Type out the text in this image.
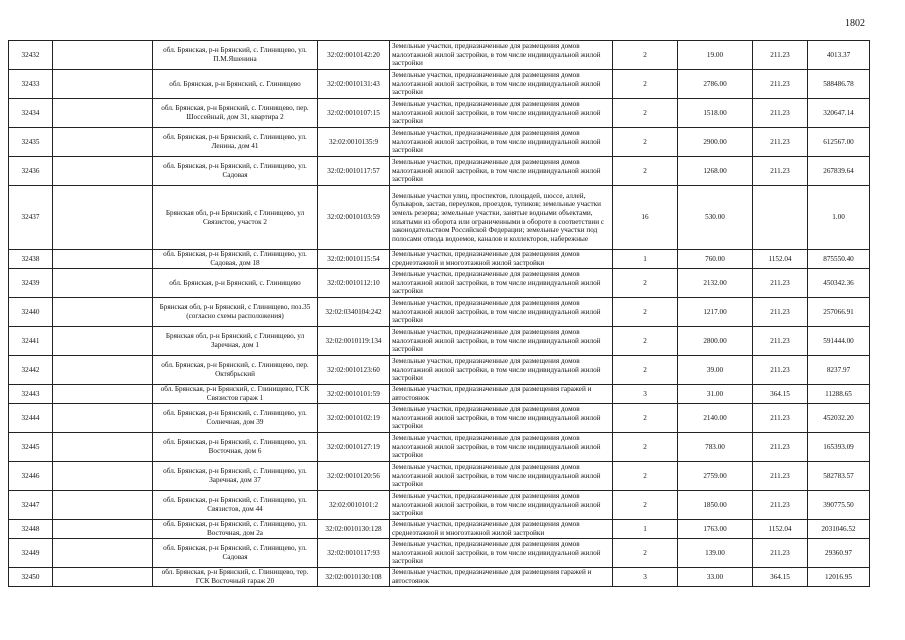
1802
32432		обл. Брянская, р-н Брянский, с. Глинищево, ул. П.М.Яшенина	32:02:0010142:20	Земельные участки, предназначенные для размещения домов малоэтажной жилой застройки, в том числе индивидуальной жилой застройки	2	19.00	211.23	4013.37
32433		обл. Брянская, р-н Брянский, с. Глинищево	32:02:0010131:43	Земельные участки, предназначенные для размещения домов малоэтажной жилой застройки, в том числе индивидуальной жилой застройки	2	2786.00	211.23	588486.78
32434		обл. Брянская, р-н Брянский, с. Глинищево, пер. Шоссейный, дом 31, квартира 2	32:02:0010107:15	Земельные участки, предназначенные для размещения домов малоэтажной жилой застройки, в том числе индивидуальной жилой застройки	2	1518.00	211.23	320647.14
32435		обл. Брянская, р-н Брянский, с. Глинищево, ул. Ленина, дом 41	32:02:0010135:9	Земельные участки, предназначенные для размещения домов малоэтажной жилой застройки, в том числе индивидуальной жилой застройки	2	2900.00	211.23	612567.00
32436		обл. Брянская, р-н Брянский, с. Глинищево, ул. Садовая	32:02:0010117:57	Земельные участки, предназначенные для размещения домов малоэтажной жилой застройки, в том числе индивидуальной жилой застройки	2	1268.00	211.23	267839.64
32437		Брянская обл, р-н Брянский, с Глинищево, ул Связистов, участок 2	32:02:0010103:59	Земельные участки улиц, проспектов, площадей, шоссе, аллей, бульваров, застав, переулков, проездов, тупиков; земельные участки земель резерва; земельные участки, занятые водными объектами, изъятыми из оборота или ограниченными в обороте в соответствии с законодательством Российской Федерации; земельные участки под полосами отвода водоемов, каналов и коллекторов, набережные	16	530.00		1.00
32438		обл. Брянская, р-н Брянский, с. Глинищево, ул. Садовая, дом 18	32:02:0010115:54	Земельные участки, предназначенные для размещения домов среднеэтажной и многоэтажной жилой застройки	1	760.00	1152.04	875550.40
32439		обл. Брянская, р-н Брянский, с. Глинищево	32:02:0010112:10	Земельные участки, предназначенные для размещения домов малоэтажной жилой застройки, в том числе индивидуальной жилой застройки	2	2132.00	211.23	450342.36
32440		Брянская обл, р-н Брянский, с Глинищево, поз.35 (согласно схемы расположения)	32:02:0340104:242	Земельные участки, предназначенные для размещения домов малоэтажной жилой застройки, в том числе индивидуальной жилой застройки	2	1217.00	211.23	257066.91
32441		Брянская обл, р-н Брянский, с Глинищево, ул Заречная, дом 1	32:02:0010119:134	Земельные участки, предназначенные для размещения домов малоэтажной жилой застройки, в том числе индивидуальной жилой застройки	2	2800.00	211.23	591444.00
32442		обл. Брянская, р-н Брянский, с. Глинищево, пер. Октябрьский	32:02:0010123:60	Земельные участки, предназначенные для размещения домов малоэтажной жилой застройки, в том числе индивидуальной жилой застройки	2	39.00	211.23	8237.97
32443		обл. Брянская, р-н Брянский, с. Глинищево, ГСК Связистов гараж 1	32:02:0010101:59	Земельные участки, предназначенные для размещения гаражей и автостоянок	3	31.00	364.15	11288.65
32444		обл. Брянская, р-н Брянский, с. Глинищево, ул. Солнечная, дом 39	32:02:0010102:19	Земельные участки, предназначенные для размещения домов малоэтажной жилой застройки, в том числе индивидуальной жилой застройки	2	2140.00	211.23	452032.20
32445		обл. Брянская, р-н Брянский, с. Глинищево, ул. Восточная, дом 6	32:02:0010127:19	Земельные участки, предназначенные для размещения домов малоэтажной жилой застройки, в том числе индивидуальной жилой застройки	2	783.00	211.23	165393.09
32446		обл. Брянская, р-н Брянский, с. Глинищево, ул. Заречная, дом 37	32:02:0010120:56	Земельные участки, предназначенные для размещения домов малоэтажной жилой застройки, в том числе индивидуальной жилой застройки	2	2759.00	211.23	582783.57
32447		обл. Брянская, р-н Брянский, с. Глинищево, ул. Связистов, дом 44	32:02:0010101:2	Земельные участки, предназначенные для размещения домов малоэтажной жилой застройки, в том числе индивидуальной жилой застройки	2	1850.00	211.23	390775.50
32448		обл. Брянская, р-н Брянский, с. Глинищево, ул. Восточная, дом 2а	32:02:0010130:128	Земельные участки, предназначенные для размещения домов среднеэтажной и многоэтажной жилой застройки	1	1763.00	1152.04	2031046.52
32449		обл. Брянская, р-н Брянский, с. Глинищево, ул. Садовая	32:02:0010117:93	Земельные участки, предназначенные для размещения домов малоэтажной жилой застройки, в том числе индивидуальной жилой застройки	2	139.00	211.23	29360.97
32450		обл. Брянская, р-н Брянский, с. Глинищево, тер. ГСК Восточный гараж 20	32:02:0010130:108	Земельные участки, предназначенные для размещения гаражей и автостоянок	3	33.00	364.15	12016.95
